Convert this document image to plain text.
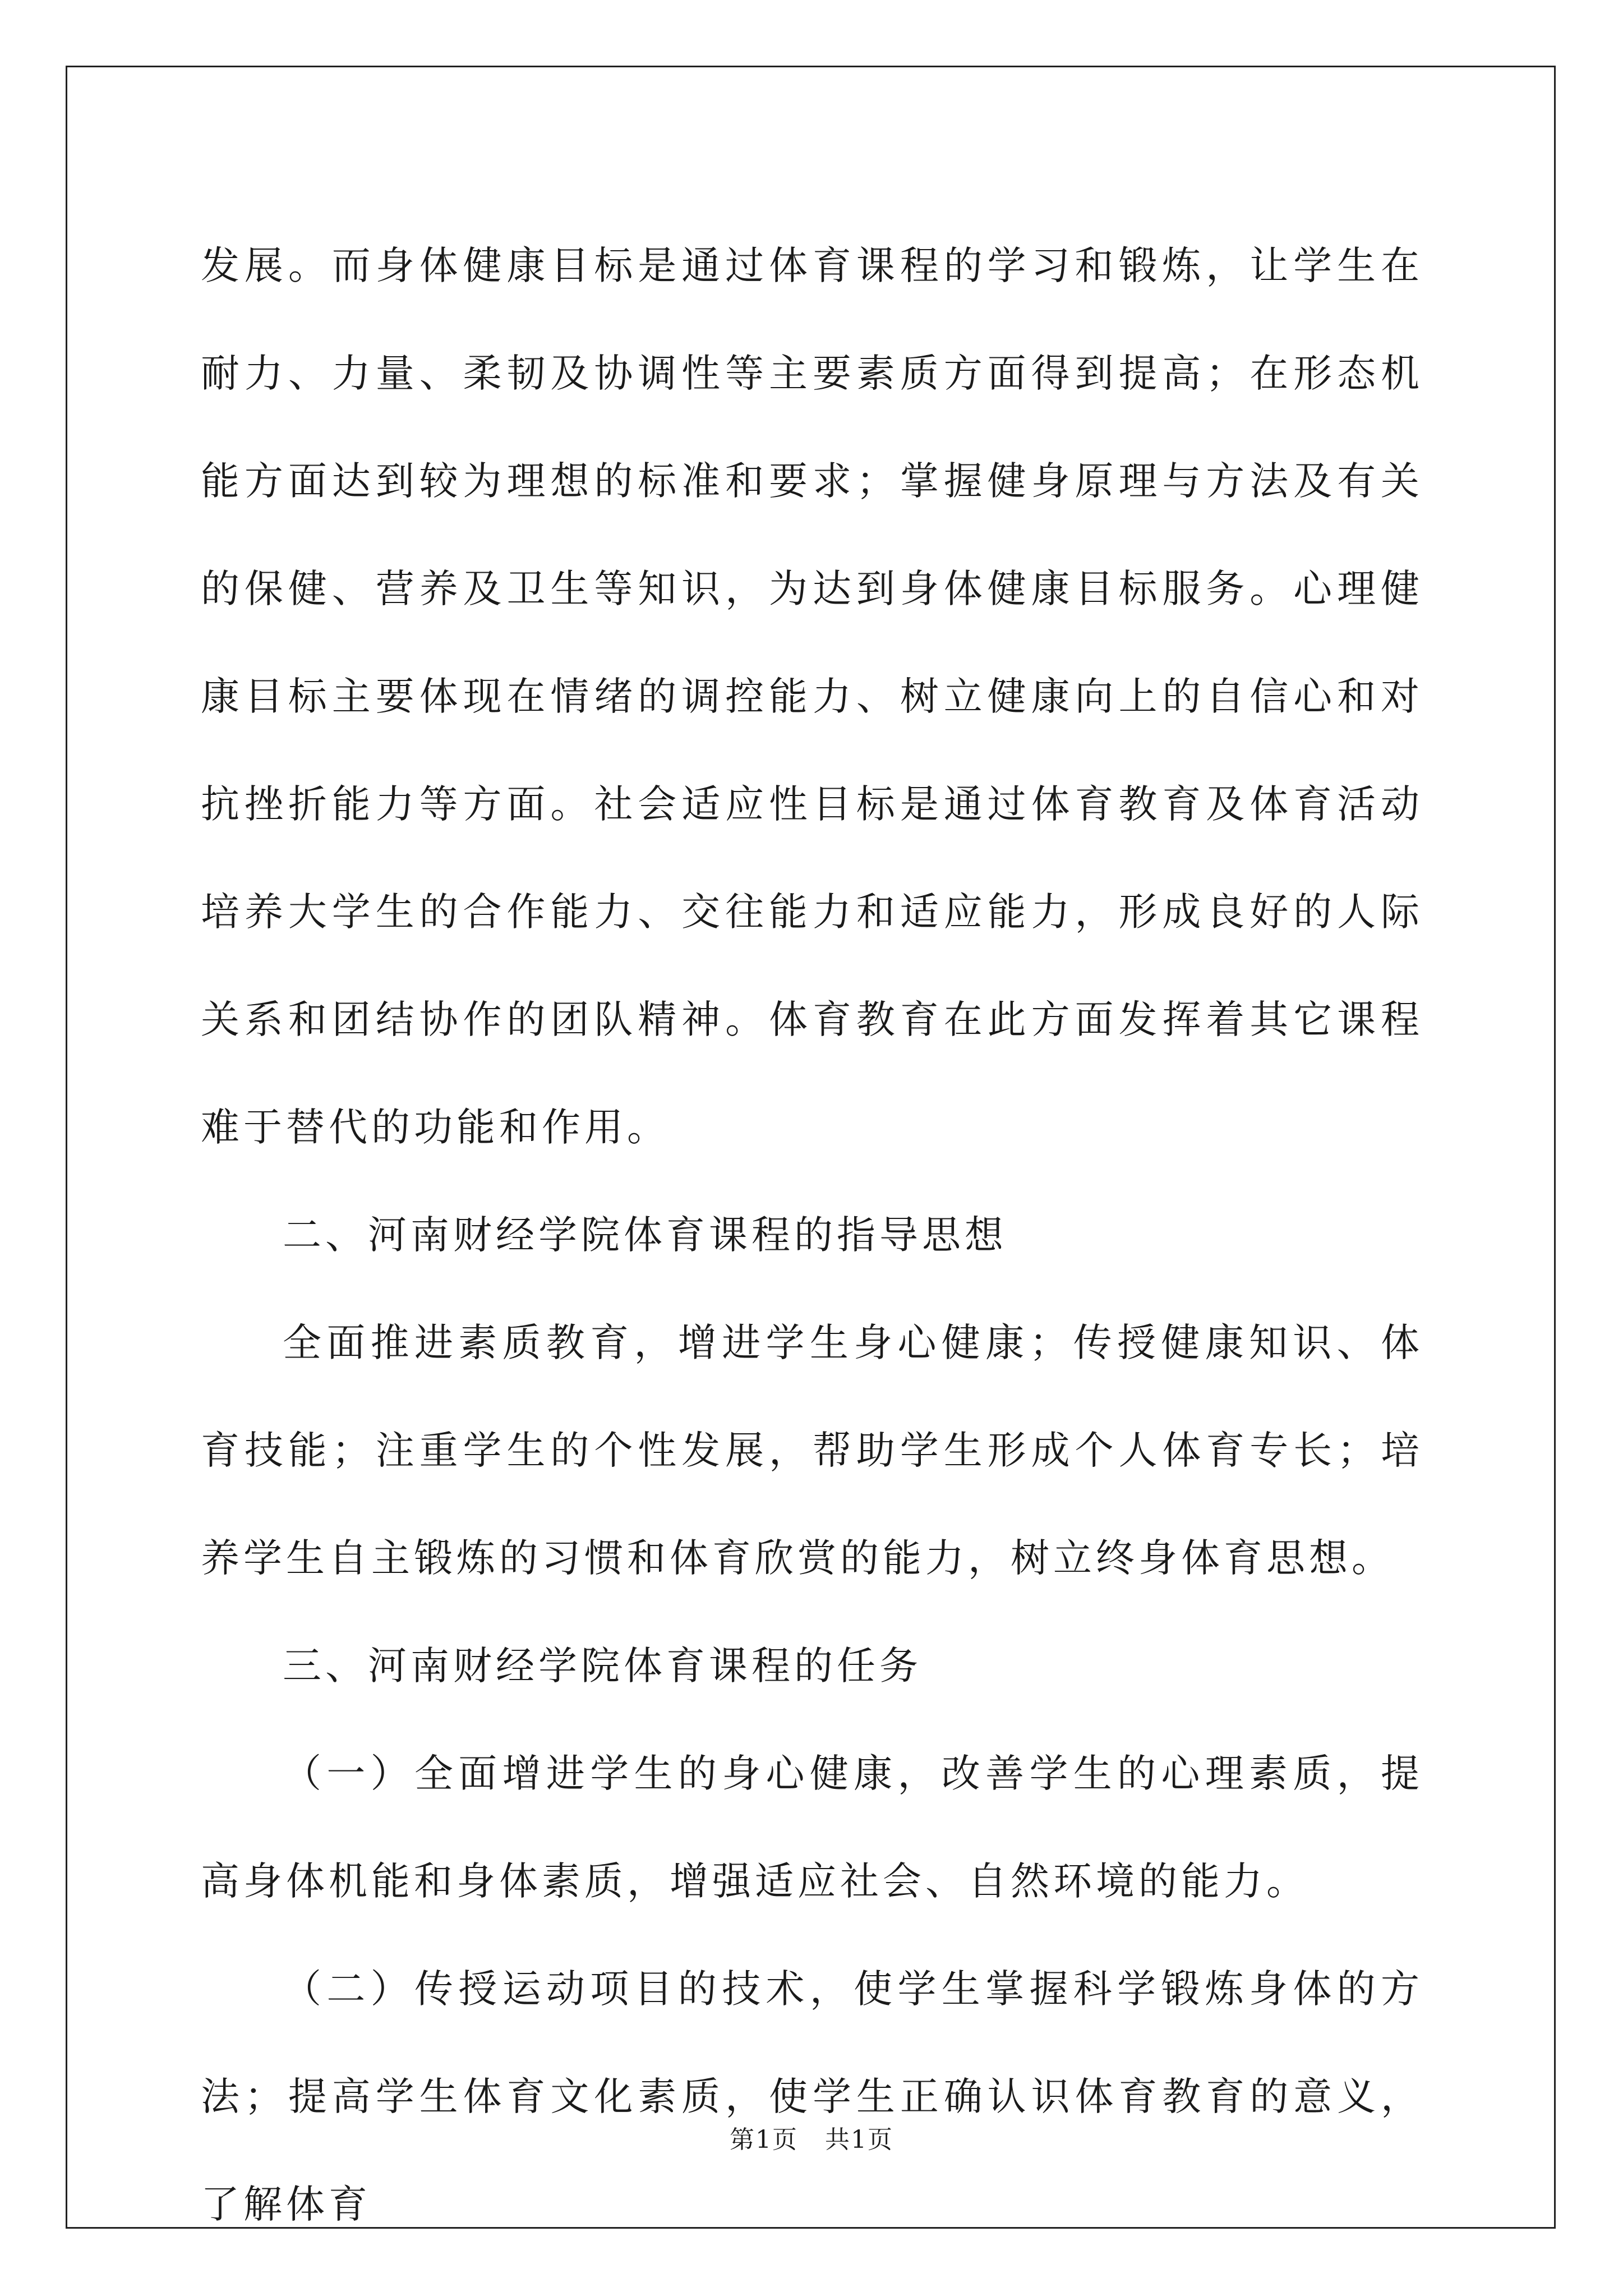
发展。而身体健康目标是通过体育课程的学习和锻炼，让学生在耐力、力量、柔韧及协调性等主要素质方面得到提高；在形态机能方面达到较为理想的标准和要求；掌握健身原理与方法及有关的保健、营养及卫生等知识，为达到身体健康目标服务。心理健康目标主要体现在情绪的调控能力、树立健康向上的自信心和对抗挫折能力等方面。社会适应性目标是通过体育教育及体育活动培养大学生的合作能力、交往能力和适应能力，形成良好的人际关系和团结协作的团队精神。体育教育在此方面发挥着其它课程难于替代的功能和作用。

二、河南财经学院体育课程的指导思想

全面推进素质教育，增进学生身心健康；传授健康知识、体育技能；注重学生的个性发展，帮助学生形成个人体育专长；培养学生自主锻炼的习惯和体育欣赏的能力，树立终身体育思想。

三、河南财经学院体育课程的任务

（一）全面增进学生的身心健康，改善学生的心理素质，提高身体机能和身体素质，增强适应社会、自然环境的能力。

（二）传授运动项目的技术，使学生掌握科学锻炼身体的方法；提高学生体育文化素质，使学生正确认识体育教育的意义，了解体育

第1页   共1页
